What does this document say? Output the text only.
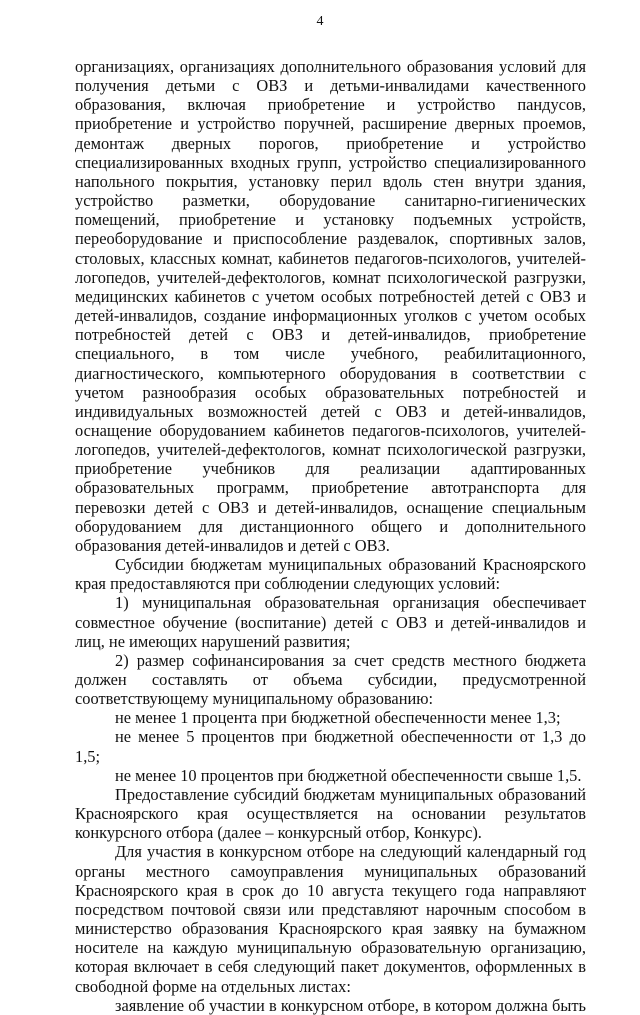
4

организациях, организациях дополнительного образования условий для получения детьми с ОВЗ и детьми-инвалидами качественного образования, включая приобретение и устройство пандусов, приобретение и устройство поручней, расширение дверных проемов, демонтаж дверных порогов, приобретение и устройство специализированных входных групп, устройство специализированного напольного покрытия, установку перил вдоль стен внутри здания, устройство разметки, оборудование санитарно-гигиенических помещений, приобретение и установку подъемных устройств, переоборудование и приспособление раздевалок, спортивных залов, столовых, классных комнат, кабинетов педагогов-психологов, учителей-логопедов, учителей-дефектологов, комнат психологической разгрузки, медицинских кабинетов с учетом особых потребностей детей с ОВЗ и детей-инвалидов, создание информационных уголков с учетом особых потребностей детей с ОВЗ и детей-инвалидов, приобретение специального, в том числе учебного, реабилитационного, диагностического, компьютерного оборудования в соответствии с учетом разнообразия особых образовательных потребностей и индивидуальных возможностей детей с ОВЗ и детей-инвалидов, оснащение оборудованием кабинетов педагогов-психологов, учителей-логопедов, учителей-дефектологов, комнат психологической разгрузки, приобретение учебников для реализации адаптированных образовательных программ, приобретение автотранспорта для перевозки детей с ОВЗ и детей-инвалидов, оснащение специальным оборудованием для дистанционного общего и дополнительного образования детей-инвалидов и детей с ОВЗ.

Субсидии бюджетам муниципальных образований Красноярского края предоставляются при соблюдении следующих условий:

1) муниципальная образовательная организация обеспечивает совместное обучение (воспитание) детей с ОВЗ и детей-инвалидов и лиц, не имеющих нарушений развития;

2) размер софинансирования за счет средств местного бюджета должен составлять от объема субсидии, предусмотренной соответствующему муниципальному образованию:

не менее 1 процента при бюджетной обеспеченности менее 1,3;

не менее 5 процентов при бюджетной обеспеченности от 1,3 до 1,5;

не менее 10 процентов при бюджетной обеспеченности свыше 1,5.

Предоставление субсидий бюджетам муниципальных образований Красноярского края осуществляется на основании результатов конкурсного отбора (далее – конкурсный отбор, Конкурс).

Для участия в конкурсном отборе на следующий календарный год органы местного самоуправления муниципальных образований Красноярского края в срок до 10 августа текущего года направляют посредством почтовой связи или представляют нарочным способом в министерство образования Красноярского края заявку на бумажном носителе на каждую муниципальную образовательную организацию, которая включает в себя следующий пакет документов, оформленных в свободной форме на отдельных листах:

заявление об участии в конкурсном отборе, в котором должна быть
